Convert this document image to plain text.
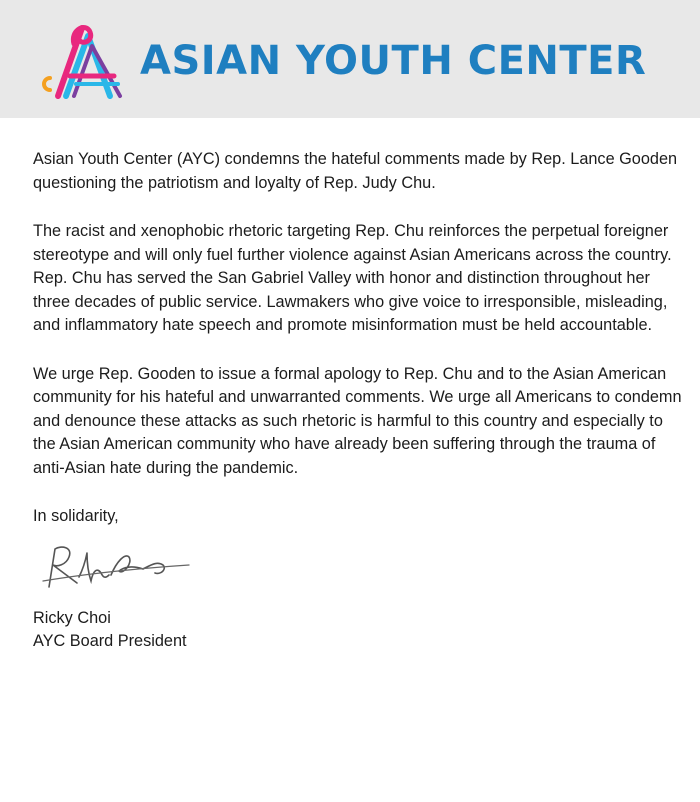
ASIAN YOUTH CENTER

Asian Youth Center (AYC) condemns the hateful comments made by Rep. Lance Gooden questioning the patriotism and loyalty of Rep. Judy Chu.

The racist and xenophobic rhetoric targeting Rep. Chu reinforces the perpetual foreigner stereotype and will only fuel further violence against Asian Americans across the country. Rep. Chu has served the San Gabriel Valley with honor and distinction throughout her three decades of public service. Lawmakers who give voice to irresponsible, misleading, and inflammatory hate speech and promote misinformation must be held accountable.

We urge Rep. Gooden to issue a formal apology to Rep. Chu and to the Asian American community for his hateful and unwarranted comments. We urge all Americans to condemn and denounce these attacks as such rhetoric is harmful to this country and especially to the Asian American community who have already been suffering through the trauma of anti-Asian hate during the pandemic.

In solidarity,

Ricky Choi
AYC Board President
